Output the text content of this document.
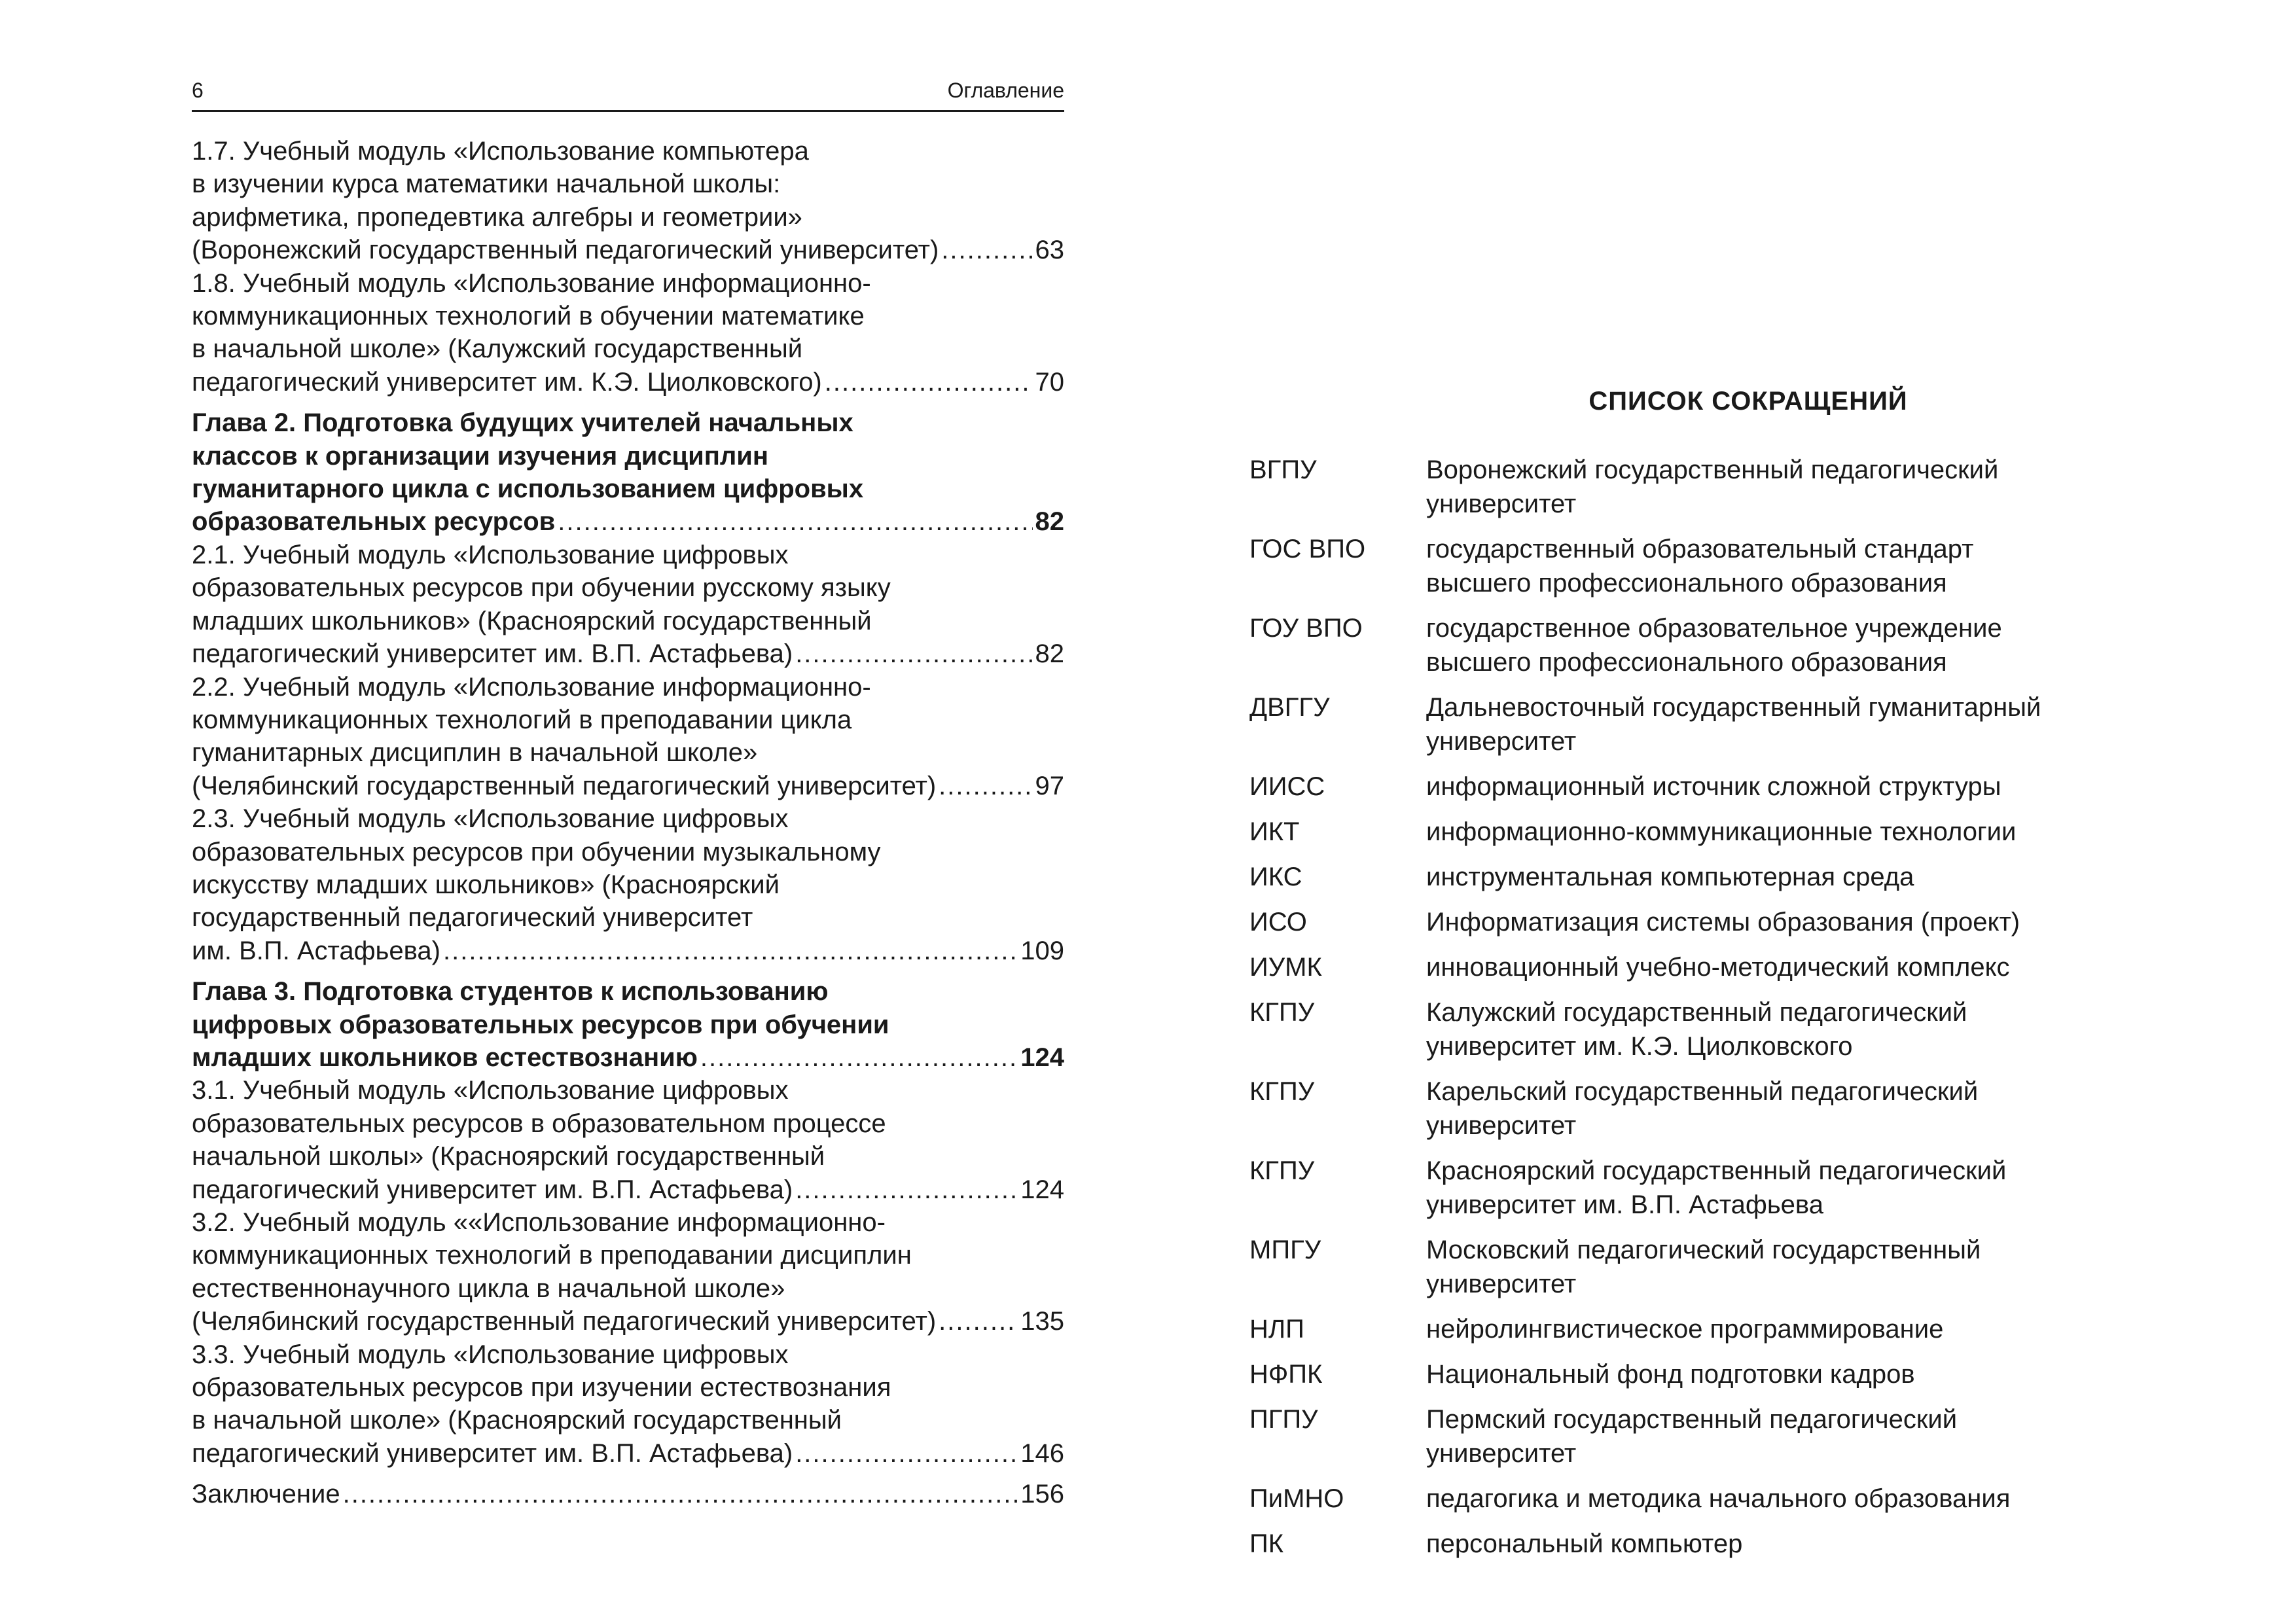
6	Оглавление
1.7. Учебный модуль «Использование компьютера
в изучении курса математики начальной школы:
арифметика, пропедевтика алгебры и геометрии»
(Воронежский государственный педагогический университет) .....	63
1.8. Учебный модуль «Использование информационно-
коммуникационных технологий в обучении математике
в начальной школе» (Калужский государственный
педагогический университет им. К.Э. Циолковского) .....	70
Глава 2. Подготовка будущих учителей начальных
классов к организации изучения дисциплин
гуманитарного цикла с использованием цифровых
образовательных ресурсов .....	82
2.1. Учебный модуль «Использование цифровых
образовательных ресурсов при обучении русскому языку
младших школьников» (Красноярский государственный
педагогический университет им. В.П. Астафьева) .....	82
2.2. Учебный модуль «Использование информационно-
коммуникационных технологий в преподавании цикла
гуманитарных дисциплин в начальной школе»
(Челябинский государственный педагогический университет) .....	97
2.3. Учебный модуль «Использование цифровых
образовательных ресурсов при обучении музыкальному
искусству младших школьников» (Красноярский
государственный педагогический университет
им. В.П. Астафьева) .....	109
Глава 3. Подготовка студентов к использованию
цифровых образовательных ресурсов при обучении
младших школьников естествознанию .....	124
3.1. Учебный модуль «Использование цифровых
образовательных ресурсов в образовательном процессе
начальной школы» (Красноярский государственный
педагогический университет им. В.П. Астафьева) .....	124
3.2. Учебный модуль ««Использование информационно-
коммуникационных технологий в преподавании дисциплин
естественнонаучного цикла в начальной школе»
(Челябинский государственный педагогический университет) .....	135
3.3. Учебный модуль «Использование цифровых
образовательных ресурсов при изучении естествознания
в начальной школе» (Красноярский государственный
педагогический университет им. В.П. Астафьева) .....	146
Заключение .....	156
СПИСОК СОКРАЩЕНИЙ
ВГПУ	Воронежский государственный педагогический
университет
ГОС ВПО	государственный образовательный стандарт
высшего профессионального образования
ГОУ ВПО	государственное образовательное учреждение
высшего профессионального образования
ДВГГУ	Дальневосточный государственный гуманитарный
университет
ИИСС	информационный источник сложной структуры
ИКТ	информационно-коммуникационные технологии
ИКС	инструментальная компьютерная среда
ИСО	Информатизация системы образования (проект)
ИУМК	инновационный учебно-методический комплекс
КГПУ	Калужский государственный педагогический
университет им. К.Э. Циолковского
КГПУ	Карельский государственный педагогический
университет
КГПУ	Красноярский государственный педагогический
университет им. В.П. Астафьева
МПГУ	Московский педагогический государственный
университет
НЛП	нейролингвистическое программирование
НФПК	Национальный фонд подготовки кадров
ПГПУ	Пермский государственный педагогический
университет
ПиМНО	педагогика и методика начального образования
ПК	персональный компьютер
